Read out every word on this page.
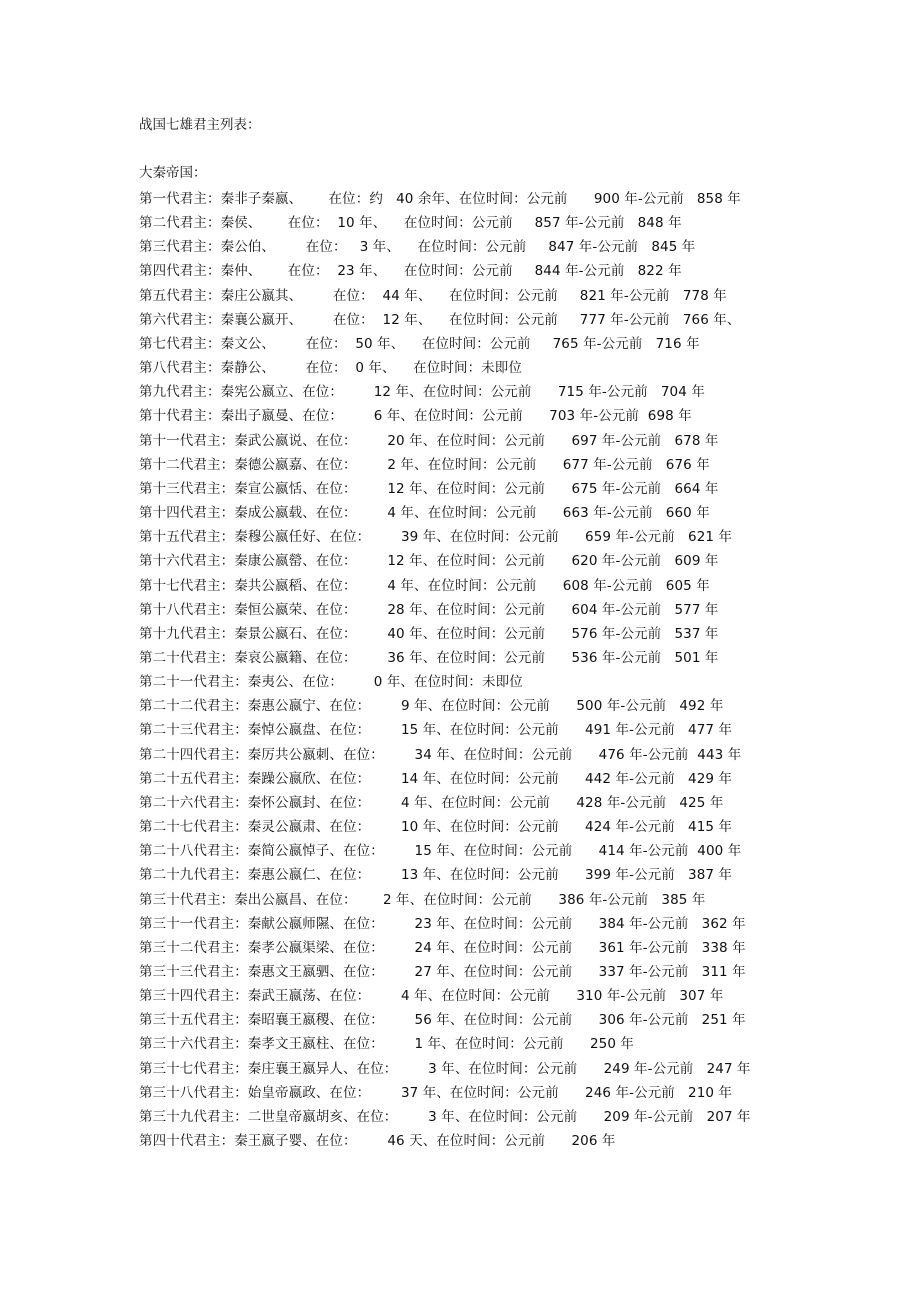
战国七雄君主列表：

大秦帝国：

第一代君主：秦非子秦嬴、      在位：约   40 余年、在位时间：公元前      900 年-公元前   858 年
第二代君主：秦侯、      在位：  10 年、    在位时间：公元前     857 年-公元前   848 年
第三代君主：秦公伯、       在位：   3 年、    在位时间：公元前     847 年-公元前   845 年
第四代君主：秦仲、      在位：  23 年、    在位时间：公元前     844 年-公元前   822 年
第五代君主：秦庄公嬴其、       在位：  44 年、    在位时间：公元前     821 年-公元前   778 年
第六代君主：秦襄公嬴开、       在位：  12 年、    在位时间：公元前     777 年-公元前   766 年、
第七代君主：秦文公、       在位：  50 年、    在位时间：公元前     765 年-公元前   716 年
第八代君主：秦静公、       在位：  0 年、    在位时间：未即位
第九代君主：秦宪公嬴立、在位：       12 年、在位时间：公元前      715 年-公元前   704 年
第十代君主：秦出子嬴曼、在位：       6 年、在位时间：公元前      703 年-公元前  698 年
第十一代君主：秦武公嬴说、在位：       20 年、在位时间：公元前      697 年-公元前   678 年
第十二代君主：秦德公嬴嘉、在位：       2 年、在位时间：公元前      677 年-公元前   676 年
第十三代君主：秦宣公嬴恬、在位：       12 年、在位时间：公元前      675 年-公元前   664 年
第十四代君主：秦成公嬴载、在位：       4 年、在位时间：公元前      663 年-公元前   660 年
第十五代君主：秦穆公嬴任好、在位：       39 年、在位时间：公元前      659 年-公元前   621 年
第十六代君主：秦康公嬴罃、在位：       12 年、在位时间：公元前      620 年-公元前   609 年
第十七代君主：秦共公嬴稻、在位：       4 年、在位时间：公元前      608 年-公元前   605 年
第十八代君主：秦恒公嬴荣、在位：       28 年、在位时间：公元前      604 年-公元前   577 年
第十九代君主：秦景公嬴石、在位：       40 年、在位时间：公元前      576 年-公元前   537 年
第二十代君主：秦哀公嬴籍、在位：       36 年、在位时间：公元前      536 年-公元前   501 年
第二十一代君主：秦夷公、在位：       0 年、在位时间：未即位
第二十二代君主：秦惠公嬴宁、在位：       9 年、在位时间：公元前      500 年-公元前   492 年
第二十三代君主：秦悼公嬴盘、在位：       15 年、在位时间：公元前      491 年-公元前   477 年
第二十四代君主：秦厉共公嬴刺、在位：       34 年、在位时间：公元前      476 年-公元前  443 年
第二十五代君主：秦躁公嬴欣、在位：       14 年、在位时间：公元前      442 年-公元前   429 年
第二十六代君主：秦怀公嬴封、在位：       4 年、在位时间：公元前      428 年-公元前   425 年
第二十七代君主：秦灵公嬴肃、在位：       10 年、在位时间：公元前      424 年-公元前   415 年
第二十八代君主：秦简公嬴悼子、在位：       15 年、在位时间：公元前      414 年-公元前  400 年
第二十九代君主：秦惠公嬴仁、在位：       13 年、在位时间：公元前      399 年-公元前   387 年
第三十代君主：秦出公嬴昌、在位：      2 年、在位时间：公元前      386 年-公元前   385 年
第三十一代君主：秦献公嬴师隰、在位：       23 年、在位时间：公元前      384 年-公元前   362 年
第三十二代君主：秦孝公嬴渠梁、在位：       24 年、在位时间：公元前      361 年-公元前   338 年
第三十三代君主：秦惠文王嬴驷、在位：       27 年、在位时间：公元前      337 年-公元前   311 年
第三十四代君主：秦武王嬴荡、在位：       4 年、在位时间：公元前      310 年-公元前   307 年
第三十五代君主：秦昭襄王嬴稷、在位：       56 年、在位时间：公元前      306 年-公元前   251 年
第三十六代君主：秦孝文王嬴柱、在位：       1 年、在位时间：公元前      250 年
第三十七代君主：秦庄襄王嬴异人、在位：       3 年、在位时间：公元前      249 年-公元前   247 年
第三十八代君主：始皇帝嬴政、在位：       37 年、在位时间：公元前      246 年-公元前   210 年
第三十九代君主：二世皇帝嬴胡亥、在位：       3 年、在位时间：公元前      209 年-公元前   207 年
第四十代君主：秦王嬴子婴、在位：       46 天、在位时间：公元前      206 年
